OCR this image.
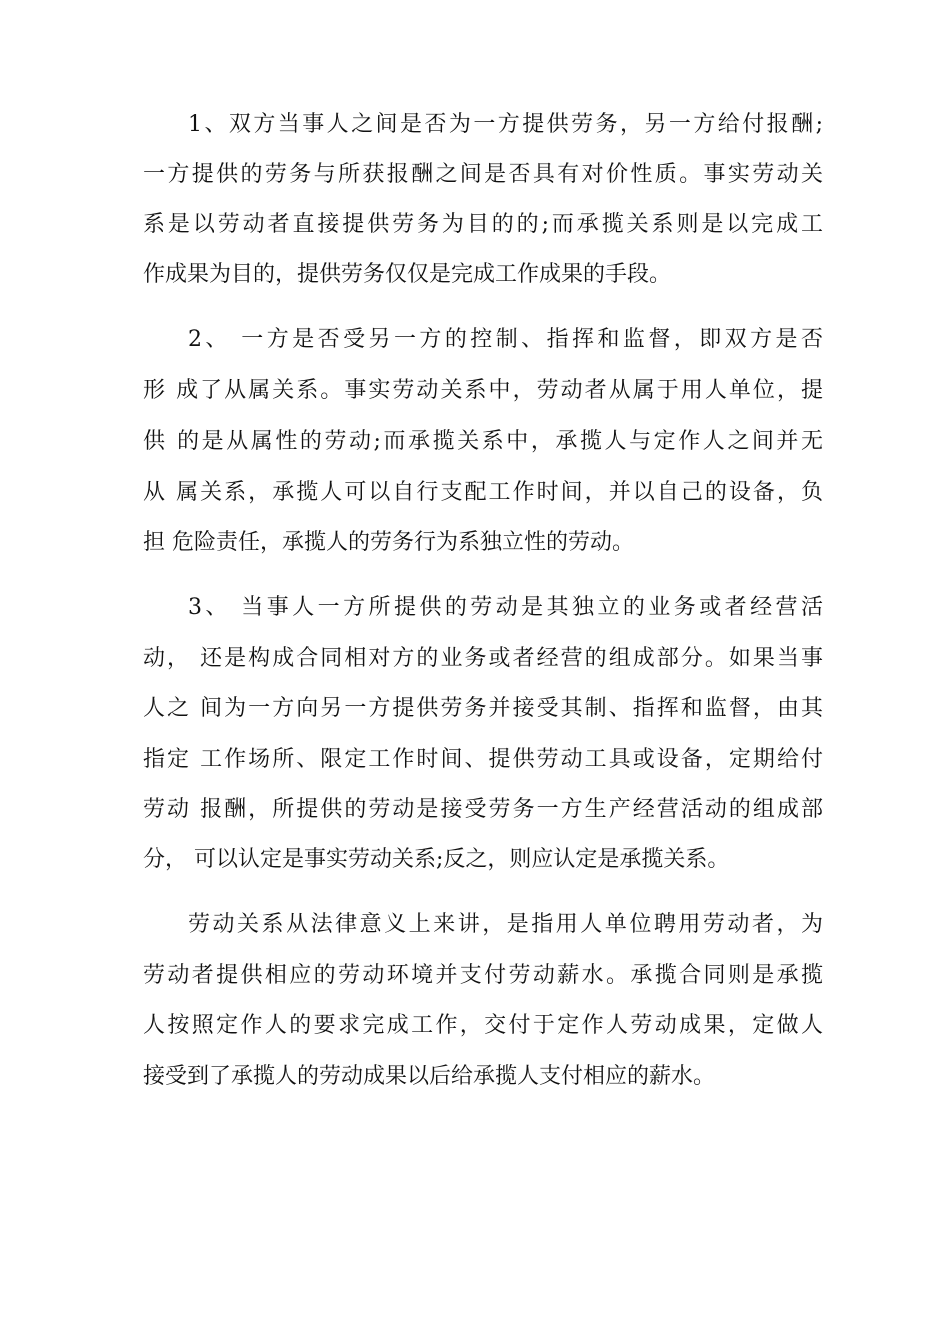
1、双方当事人之间是否为一方提供劳务，另一方给付报酬;
一方提供的劳务与所获报酬之间是否具有对价性质。事实劳动关
系是以劳动者直接提供劳务为目的的;而承揽关系则是以完成工
作成果为目的，提供劳务仅仅是完成工作成果的手段。
2、 一方是否受另一方的控制、指挥和监督，即双方是否
形 成了从属关系。事实劳动关系中，劳动者从属于用人单位，提
供 的是从属性的劳动;而承揽关系中，承揽人与定作人之间并无
从 属关系，承揽人可以自行支配工作时间，并以自己的设备，负
担 危险责任，承揽人的劳务行为系独立性的劳动。
3、 当事人一方所提供的劳动是其独立的业务或者经营活
动， 还是构成合同相对方的业务或者经营的组成部分。如果当事
人之 间为一方向另一方提供劳务并接受其制、指挥和监督，由其
指定 工作场所、限定工作时间、提供劳动工具或设备，定期给付
劳动 报酬，所提供的劳动是接受劳务一方生产经营活动的组成部
分， 可以认定是事实劳动关系;反之，则应认定是承揽关系。
劳动关系从法律意义上来讲，是指用人单位聘用劳动者，为
劳动者提供相应的劳动环境并支付劳动薪水。承揽合同则是承揽
人按照定作人的要求完成工作，交付于定作人劳动成果，定做人
接受到了承揽人的劳动成果以后给承揽人支付相应的薪水。
